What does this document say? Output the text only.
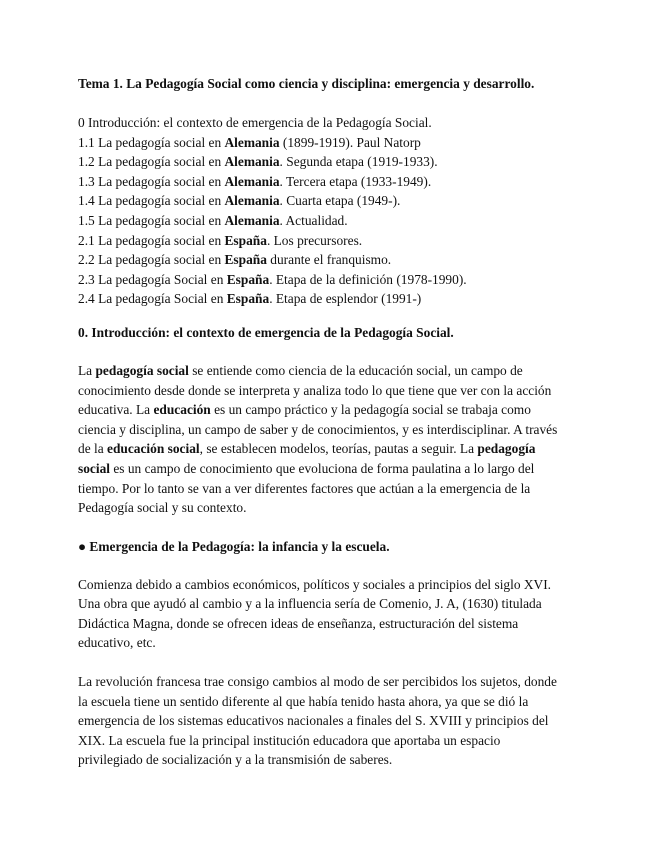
Tema 1. La Pedagogía Social como ciencia y disciplina: emergencia y desarrollo.
0 Introducción: el contexto de emergencia de la Pedagogía Social.
1.1 La pedagogía social en Alemania (1899-1919). Paul Natorp
1.2 La pedagogía social en Alemania. Segunda etapa (1919-1933).
1.3 La pedagogía social en Alemania. Tercera etapa (1933-1949).
1.4 La pedagogía social en Alemania. Cuarta etapa (1949-).
1.5 La pedagogía social en Alemania. Actualidad.
2.1 La pedagogía social en España. Los precursores.
2.2 La pedagogía social en España durante el franquismo.
2.3 La pedagogía Social en España. Etapa de la definición (1978-1990).
2.4 La pedagogía Social en España. Etapa de esplendor (1991-)
0. Introducción: el contexto de emergencia de la Pedagogía Social.
La pedagogía social se entiende como ciencia de la educación social, un campo de
conocimiento desde donde se interpreta y analiza todo lo que tiene que ver con la acción
educativa. La educación es un campo práctico y la pedagogía social se trabaja como
ciencia y disciplina, un campo de saber y de conocimientos, y es interdisciplinar. A través
de la educación social, se establecen modelos, teorías, pautas a seguir. La pedagogía
social es un campo de conocimiento que evoluciona de forma paulatina a lo largo del
tiempo. Por lo tanto se van a ver diferentes factores que actúan a la emergencia de la
Pedagogía social y su contexto.
● Emergencia de la Pedagogía: la infancia y la escuela.
Comienza debido a cambios económicos, políticos y sociales a principios del siglo XVI.
Una obra que ayudó al cambio y a la influencia sería de Comenio, J. A, (1630) titulada
Didáctica Magna, donde se ofrecen ideas de enseñanza, estructuración del sistema
educativo, etc.
La revolución francesa trae consigo cambios al modo de ser percibidos los sujetos, donde
la escuela tiene un sentido diferente al que había tenido hasta ahora, ya que se dió la
emergencia de los sistemas educativos nacionales a finales del S. XVIII y principios del
XIX. La escuela fue la principal institución educadora que aportaba un espacio
privilegiado de socialización y a la transmisión de saberes.
